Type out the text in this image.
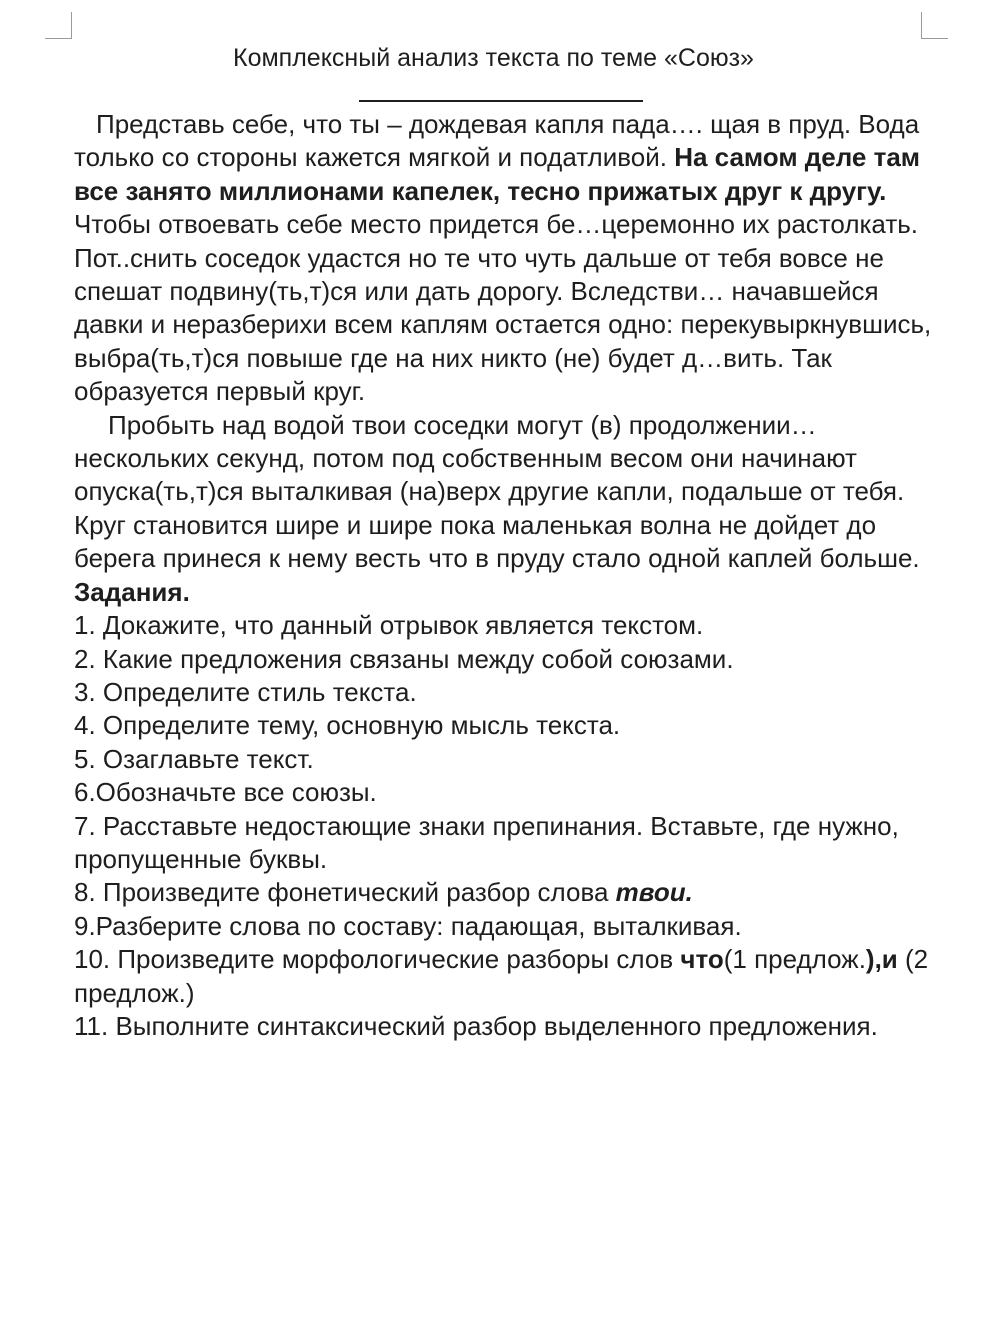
Комплексный анализ текста по теме «Союз»

Представь себе, что ты – дождевая капля пада…. щая в пруд. Вода только со стороны кажется мягкой и податливой. На самом деле там все занято миллионами капелек, тесно прижатых друг к другу. Чтобы отвоевать себе место придется бе…церемонно их растолкать. Пот..снить соседок удастся но те что чуть дальше от тебя вовсе не спешат подвину(ть,т)ся или дать дорогу. Вследстви… начавшейся давки и неразберихи всем каплям остается одно: перекувыркнувшись, выбра(ть,т)ся повыше где на них никто (не) будет д…вить. Так образуется первый круг.

Пробыть над водой твои соседки могут (в) продолжении… нескольких секунд, потом под собственным весом они начинают опуска(ть,т)ся выталкивая (на)верх другие капли, подальше от тебя. Круг становится шире и шире пока маленькая волна не дойдет до берега принеся к нему весть что в пруду стало одной каплей больше.

Задания.

1. Докажите, что данный отрывок является текстом.

2. Какие предложения связаны между собой союзами.

3. Определите стиль текста.

4. Определите тему, основную мысль текста.

5. Озаглавьте текст.

6.Обозначьте все союзы.

7. Расставьте недостающие знаки препинания. Вставьте, где нужно, пропущенные буквы.

8. Произведите фонетический разбор слова твои.

9.Разберите слова по составу: падающая, выталкивая.

10. Произведите морфологические разборы слов что(1 предлож.),и (2 предлож.)

11. Выполните синтаксический разбор выделенного предложения.
